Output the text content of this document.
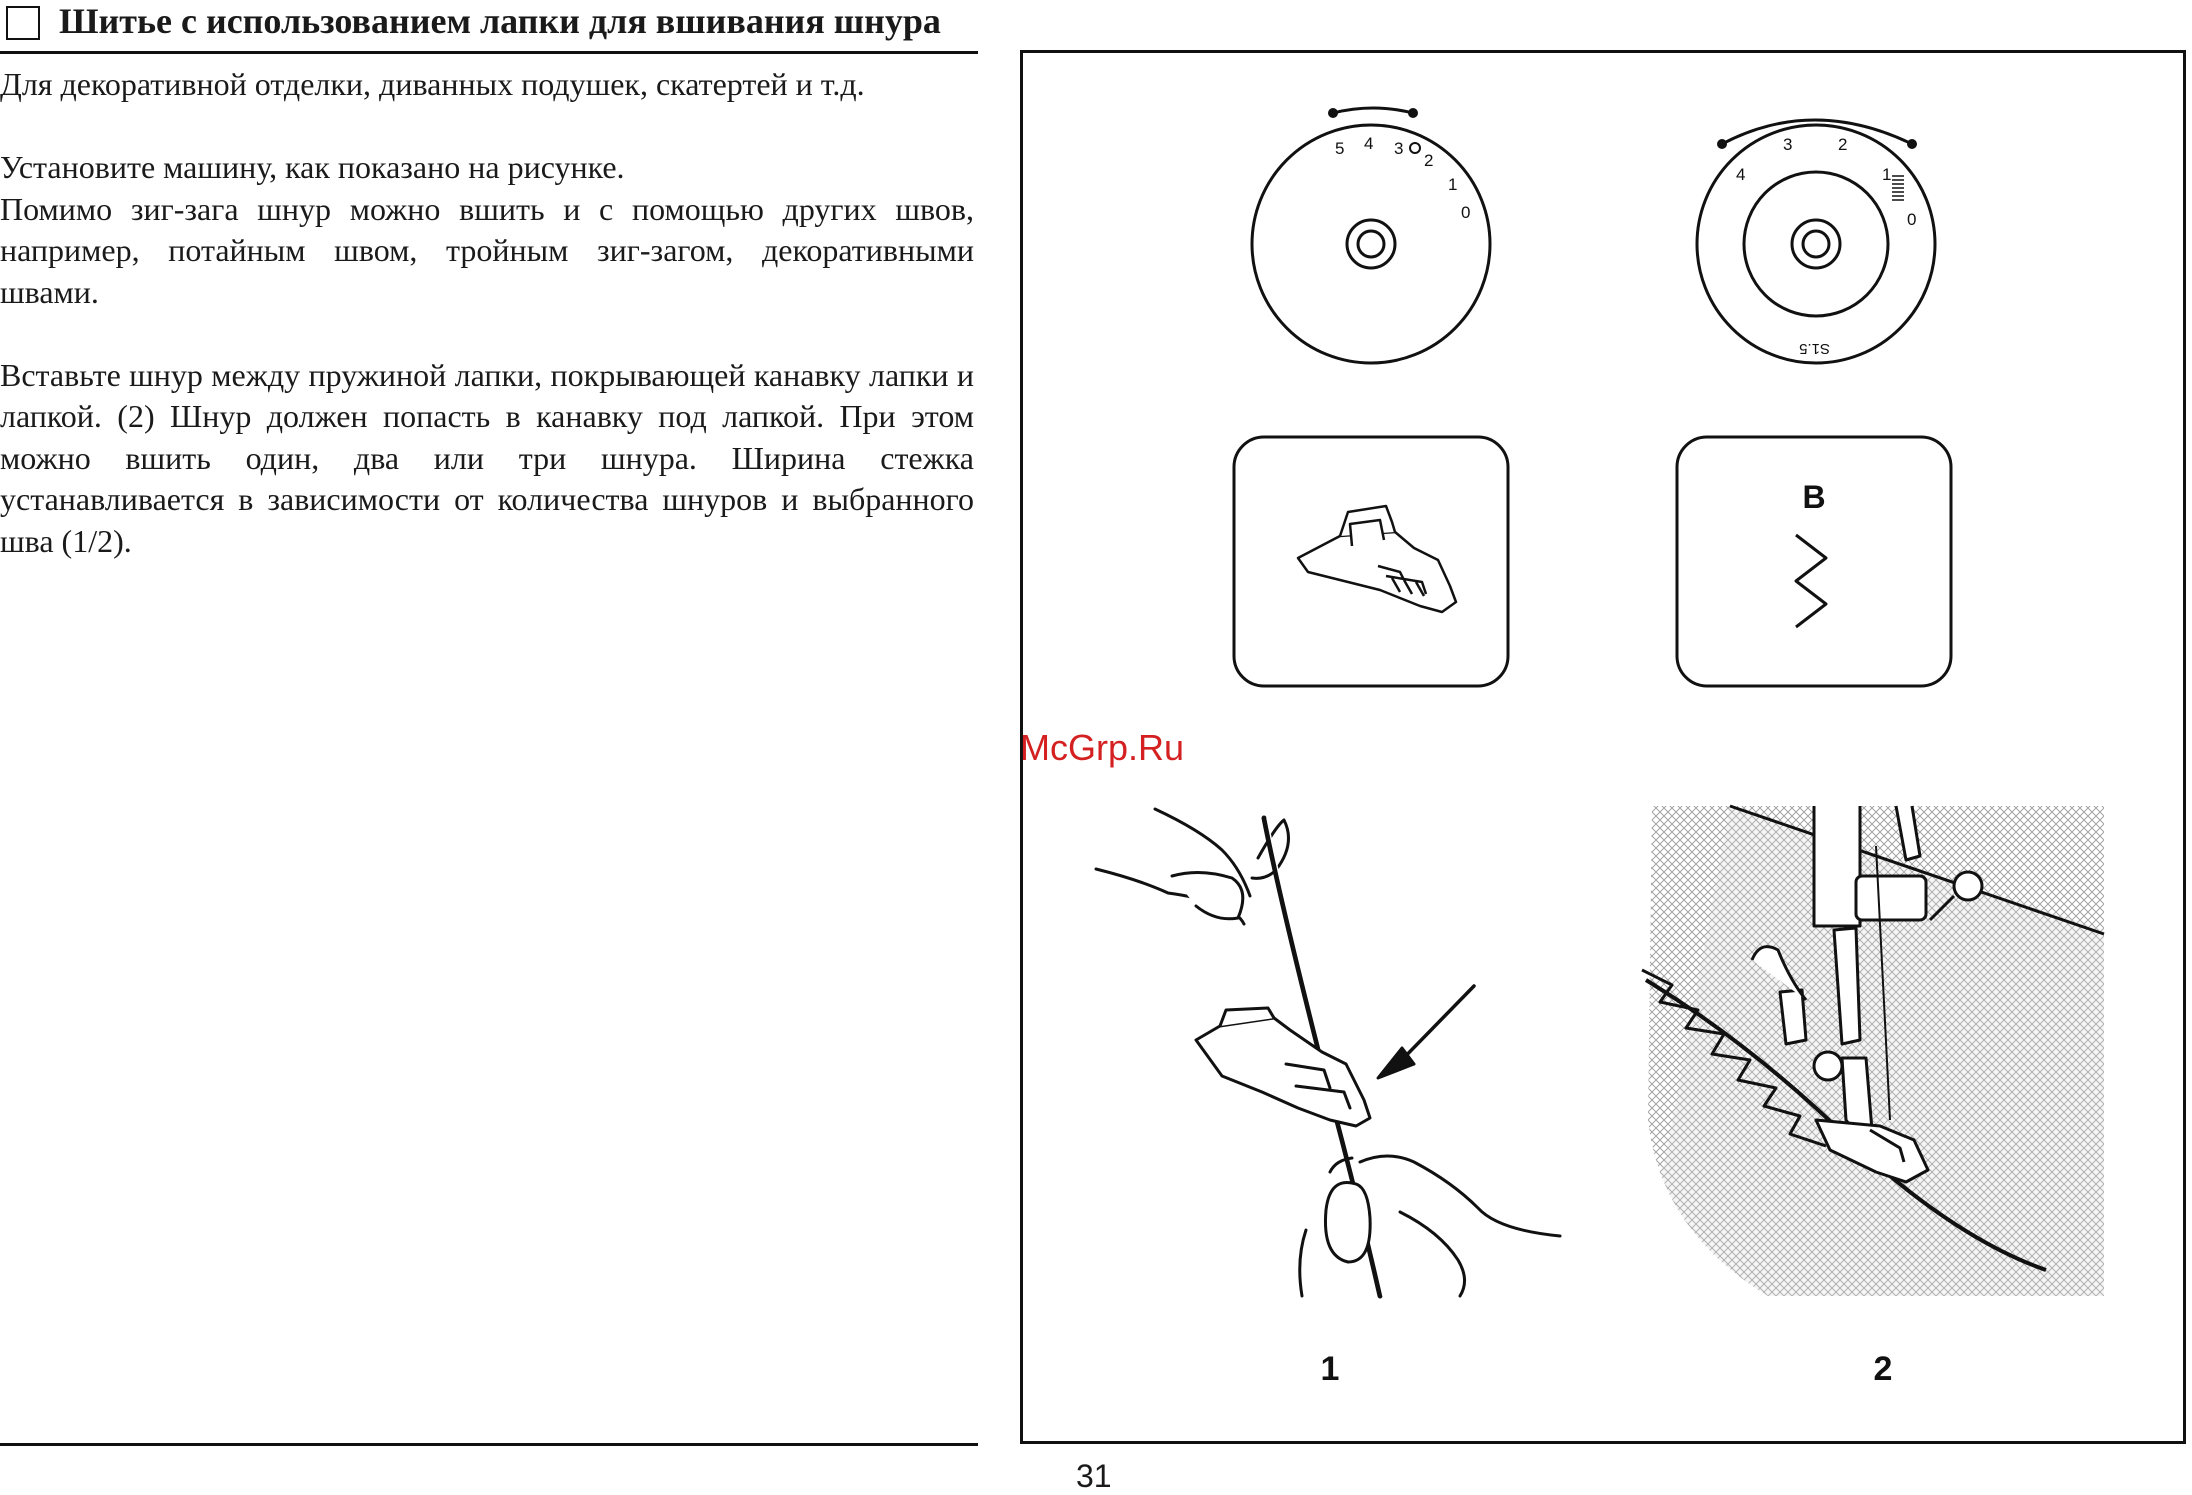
Шитье с использованием лапки для вшивания шнура

Для декоративной отделки, диванных подушек, скатертей и т.д.

Установите машину, как показано на рисунке.

Помимо зиг-зага шнур можно вшить и с помощью других швов, например, потайным швом, тройным зиг-загом, декоративными швами.

Вставьте шнур между пружиной лапки, покрывающей канавку лапки и лапкой. (2) Шнур должен попасть в канавку под лапкой. При этом можно вшить один, два или три шнура. Ширина стежка устанавливается в зависимости от количества шнуров и выбранного шва (1/2).

31
5 4 3
2
1
0
4
3	2
1
0
S1.5
B
McGrp.Ru
1	2
